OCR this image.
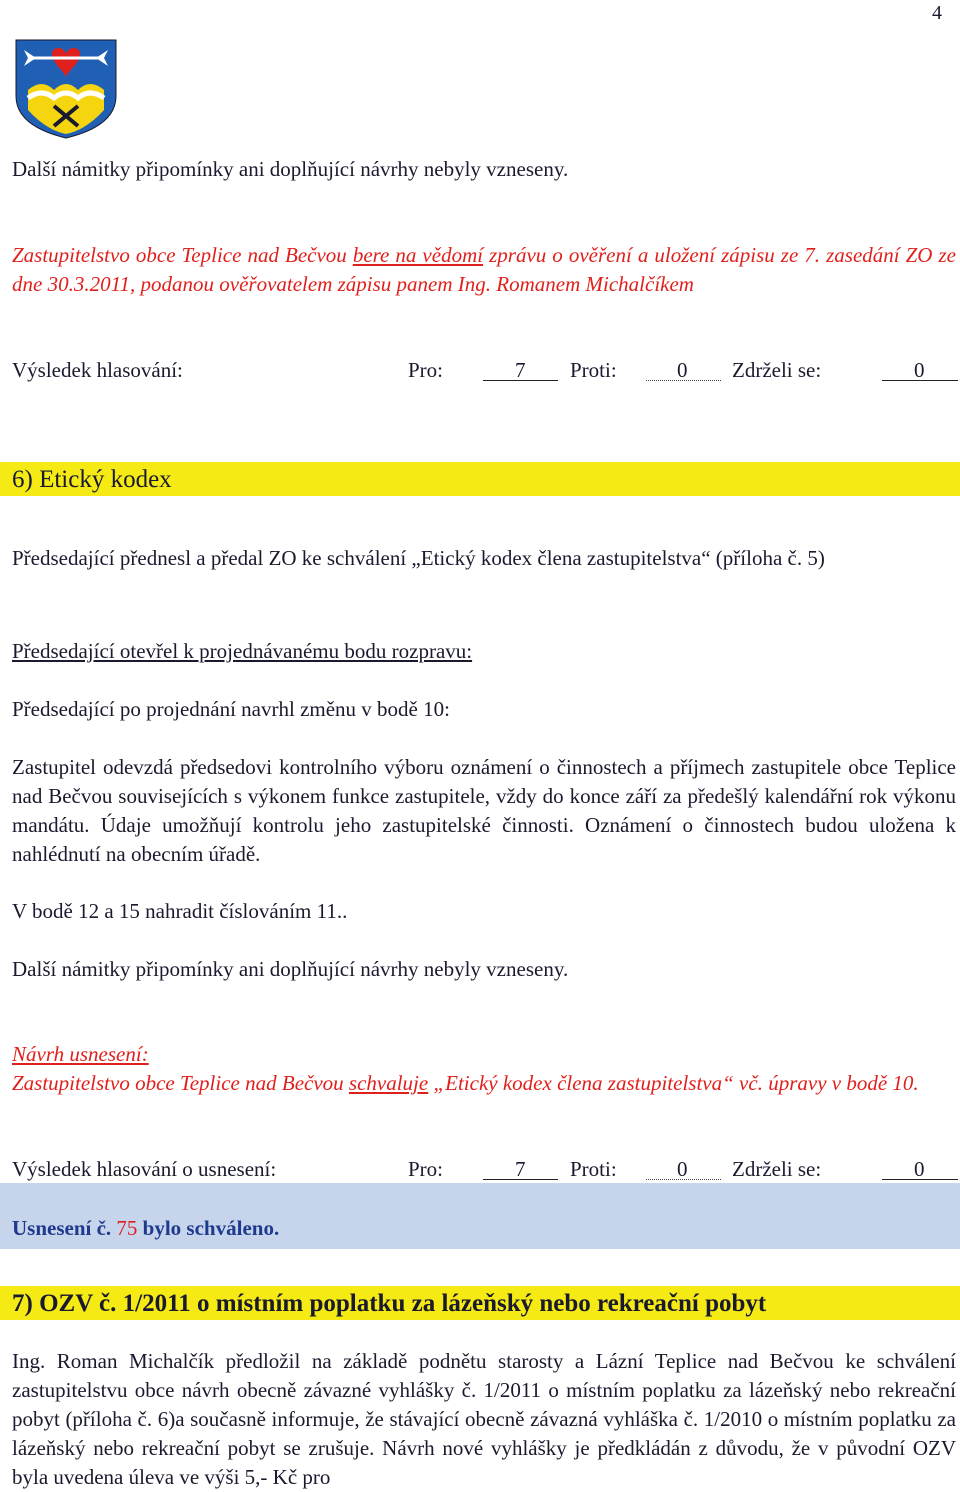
4
Další námitky připomínky ani doplňující návrhy nebyly vzneseny.
Zastupitelstvo obce Teplice nad Bečvou bere na vědomí zprávu o ověření a uložení zápisu ze 7. zasedání ZO ze dne 30.3.2011, podanou ověřovatelem zápisu panem Ing. Romanem Michalčíkem
Výsledek hlasování:	Pro:	7 Proti:	0 Zdrželi se:	0
6) Etický kodex
Předsedající přednesl a předal ZO ke schválení „Etický kodex člena zastupitelstva“ (příloha č. 5)
Předsedající otevřel k projednávanému bodu rozpravu:
Předsedající po projednání navrhl změnu v bodě 10:
Zastupitel odevzdá předsedovi kontrolního výboru oznámení o činnostech a příjmech zastupitele obce Teplice nad Bečvou souvisejících s výkonem funkce zastupitele, vždy do konce září za předešlý kalendářní rok výkonu mandátu. Údaje umožňují kontrolu jeho zastupitelské činnosti. Oznámení o činnostech budou uložena k nahlédnutí na obecním úřadě.
V bodě 12 a 15 nahradit číslováním 11..
Další námitky připomínky ani doplňující návrhy nebyly vzneseny.
Návrh usnesení:
Zastupitelstvo obce Teplice nad Bečvou schvaluje „Etický kodex člena zastupitelstva“ vč. úpravy v bodě 10.
Výsledek hlasování o usnesení:	Pro:	7 Proti:	0 Zdrželi se:	0
Usnesení č. 75 bylo schváleno.
7) OZV č. 1/2011 o místním poplatku za lázeňský nebo rekreační pobyt
Ing. Roman Michalčík předložil na základě podnětu starosty a Lázní Teplice nad Bečvou ke schválení zastupitelstvu obce návrh obecně závazné vyhlášky č. 1/2011 o místním poplatku za lázeňský nebo rekreační pobyt (příloha č. 6)a současně informuje, že stávající obecně závazná vyhláška č. 1/2010 o místním poplatku za lázeňský nebo rekreační pobyt se zrušuje. Návrh nové vyhlášky je předkládán z důvodu, že v původní OZV byla uvedena úleva ve výši 5,- Kč pro
